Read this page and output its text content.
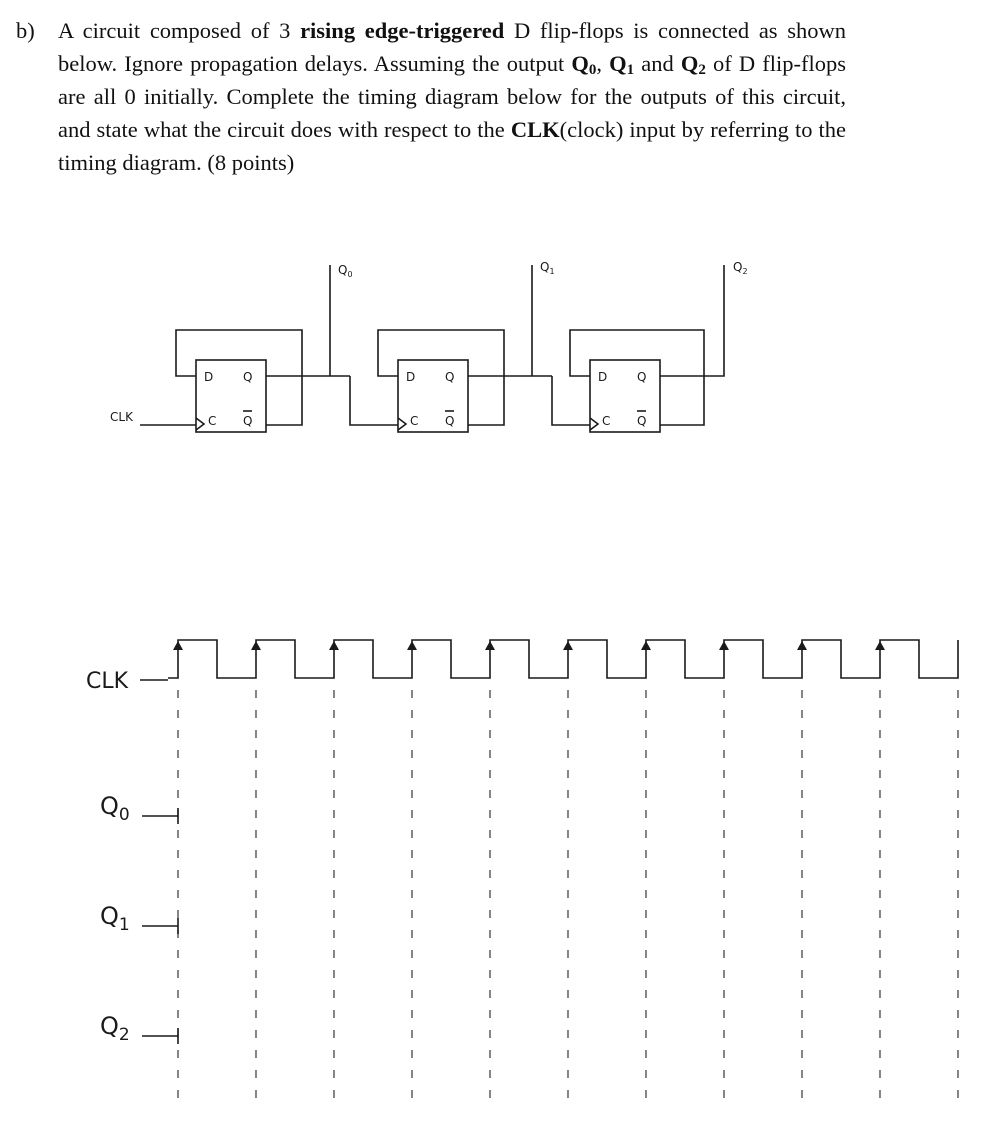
b) A circuit composed of 3 rising edge-triggered D flip-flops is connected as shown below. Ignore propagation delays. Assuming the output $Q_0$, $Q_1$ and $Q_2$ of D flip-flops are all 0 initially. Complete the timing diagram below for the outputs of this circuit, and state what the circuit does with respect to the CLK(clock) input by referring to the timing diagram. (8 points)
CLK
D Q
C Q
D Q
C Q
D Q
C Q
$Q_0$
$Q_1$	$Q_2$
CLK
$Q_0$
$Q_1$
$Q_2$
